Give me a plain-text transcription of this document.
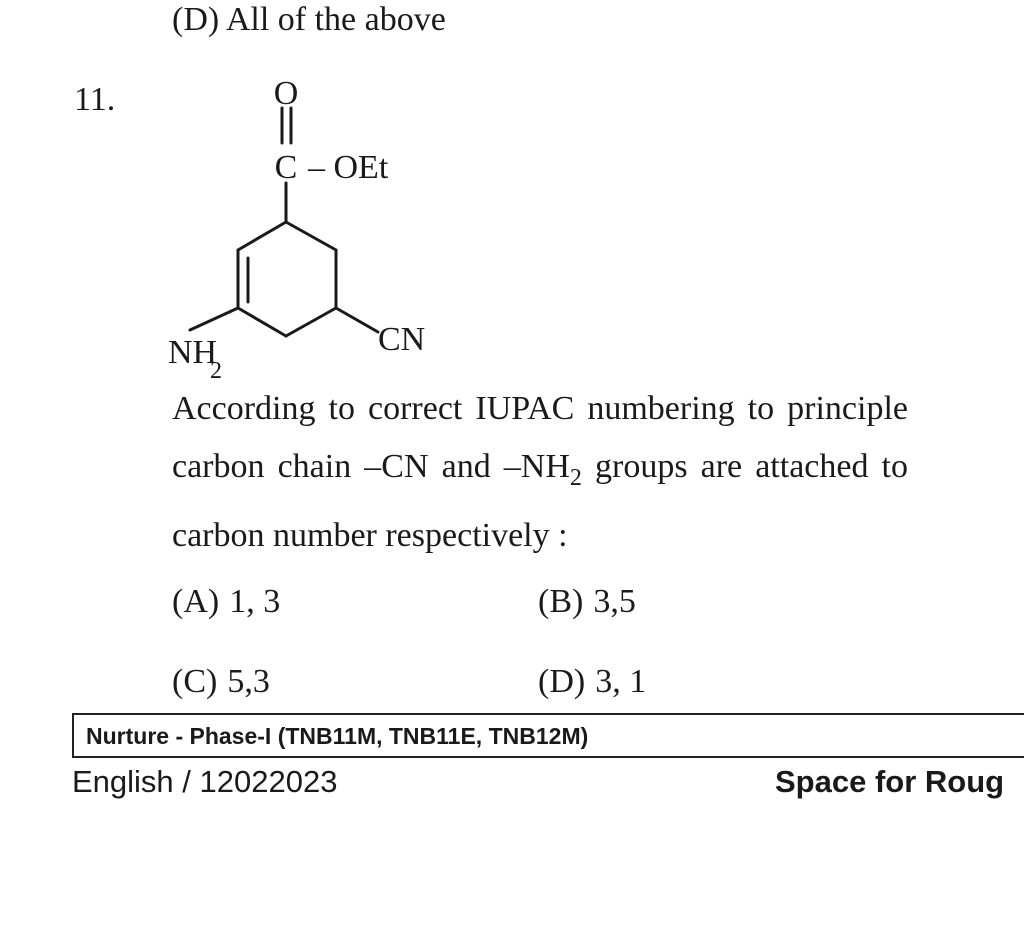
(D) All of the above
11.	O
C – OEt
NH
2
CN
According to correct IUPAC numbering to principle carbon chain –CN and $-NH_2$ groups are attached to carbon number respectively :
(A) 1, 3	(B) 3,5
(C) 5,3	(D) 3, 1
Nurture - Phase-I (TNB11M, TNB11E, TNB12M)
English / 12022023	Space for Roug
